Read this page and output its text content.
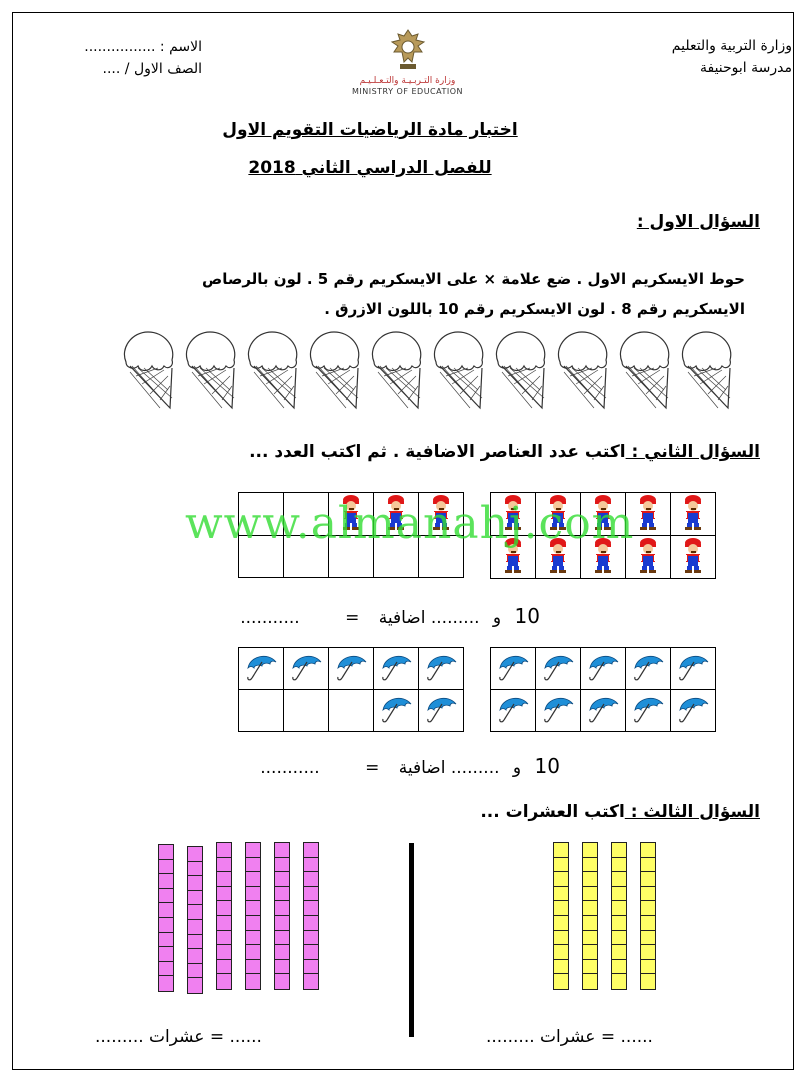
وزارة التربية والتعليم
مدرسة ابوحنيفة
الاسم : ................
الصف الاول / ....
وزارة التـربـيـة والتـعـلـيـم
MINISTRY OF EDUCATION
اختبار مادة الرياضيات التقويم الاول
للفصل الدراسي الثاني 2018
السؤال الاول :
حوط الايسكريم الاول . ضع علامة × على الايسكريم رقم 5 . لون بالرصاص
الايسكريم رقم 8 . لون الايسكريم رقم 10 باللون الازرق .
السؤال الثاني : اكتب عدد العناصر الاضافية . ثم اكتب العدد ...

www.almanahj.com
10 و ......... اضافية = ...........

10 و ......... اضافية = ...........
السؤال الثالث : اكتب العشرات ...
...... = عشرات .........	...... = عشرات .........
